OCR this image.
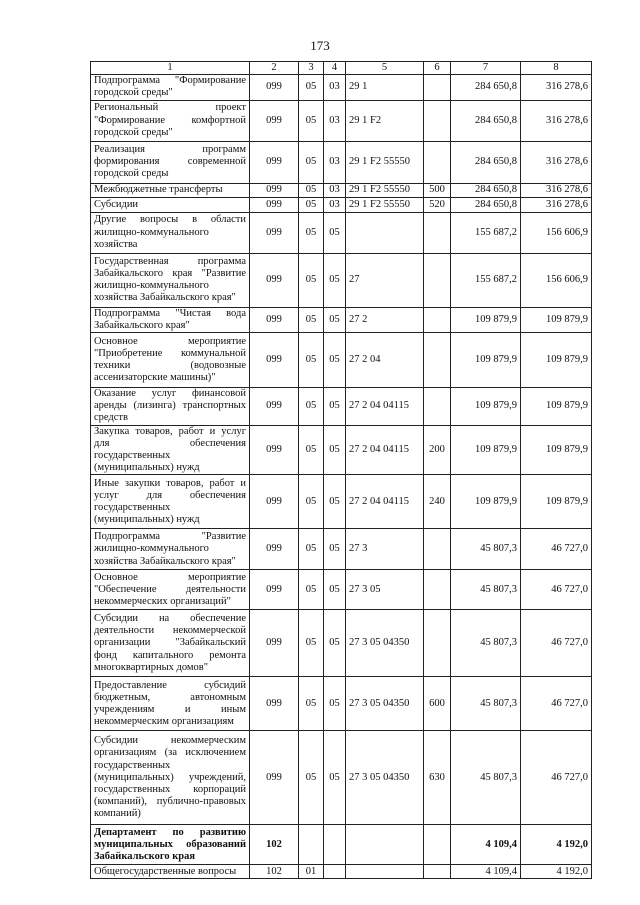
173
1	2	3	4	5	6	7	8
Подпрограмма "Формирование городской среды"	099	05	03	29 1		284 650,8	316 278,6
Региональный проект "Формирование комфортной городской среды"	099	05	03	29 1 F2		284 650,8	316 278,6
Реализация программ формирования современной городской среды	099	05	03	29 1 F2 55550		284 650,8	316 278,6
Межбюджетные трансферты	099	05	03	29 1 F2 55550	500	284 650,8	316 278,6
Субсидии	099	05	03	29 1 F2 55550	520	284 650,8	316 278,6
Другие вопросы в области жилищно-коммунального хозяйства	099	05	05			155 687,2	156 606,9
Государственная программа Забайкальского края "Развитие жилищно-коммунального хозяйства Забайкальского края"	099	05	05	27		155 687,2	156 606,9
Подпрограмма "Чистая вода Забайкальского края"	099	05	05	27 2		109 879,9	109 879,9
Основное мероприятие "Приобретение коммунальной техники (водовозные ассенизаторские машины)"	099	05	05	27 2 04		109 879,9	109 879,9
Оказание услуг финансовой аренды (лизинга) транспортных средств	099	05	05	27 2 04 04115		109 879,9	109 879,9
Закупка товаров, работ и услуг для обеспечения государственных (муниципальных) нужд	099	05	05	27 2 04 04115	200	109 879,9	109 879,9
Иные закупки товаров, работ и услуг для обеспечения государственных (муниципальных) нужд	099	05	05	27 2 04 04115	240	109 879,9	109 879,9
Подпрограмма "Развитие жилищно-коммунального хозяйства Забайкальского края"	099	05	05	27 3		45 807,3	46 727,0
Основное мероприятие "Обеспечение деятельности некоммерческих организаций"	099	05	05	27 3 05		45 807,3	46 727,0
Субсидии на обеспечение деятельности некоммерческой организации "Забайкальский фонд капитального ремонта многоквартирных домов"	099	05	05	27 3 05 04350		45 807,3	46 727,0
Предоставление субсидий бюджетным, автономным учреждениям и иным некоммерческим организациям	099	05	05	27 3 05 04350	600	45 807,3	46 727,0
Субсидии некоммерческим организациям (за исключением государственных (муниципальных) учреждений, государственных корпораций (компаний), публично-правовых компаний)	099	05	05	27 3 05 04350	630	45 807,3	46 727,0
Департамент по развитию муниципальных образований Забайкальского края	102					4 109,4	4 192,0
Общегосударственные вопросы	102	01				4 109,4	4 192,0
